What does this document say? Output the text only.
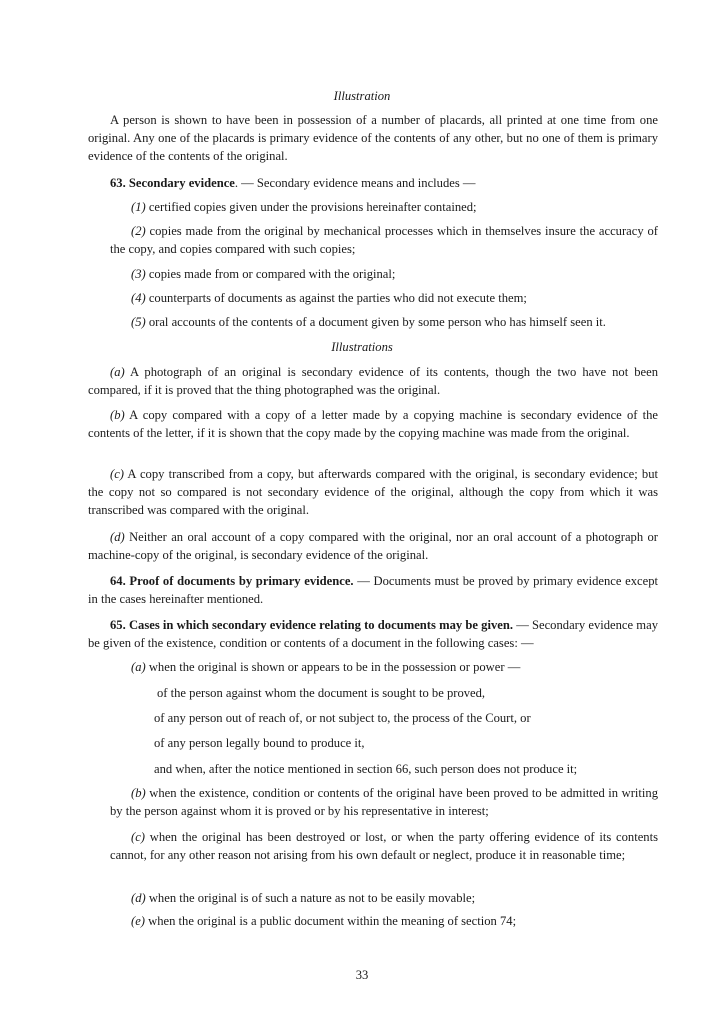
Illustration
A person is shown to have been in possession of a number of placards, all printed at one time from one original. Any one of the placards is primary evidence of the contents of any other, but no one of them is primary evidence of the contents of the original.
63. Secondary evidence. — Secondary evidence means and includes —
(1) certified copies given under the provisions hereinafter contained;
(2) copies made from the original by mechanical processes which in themselves insure the accuracy of the copy, and copies compared with such copies;
(3) copies made from or compared with the original;
(4) counterparts of documents as against the parties who did not execute them;
(5) oral accounts of the contents of a document given by some person who has himself seen it.
Illustrations
(a) A photograph of an original is secondary evidence of its contents, though the two have not been compared, if it is proved that the thing photographed was the original.
(b) A copy compared with a copy of a letter made by a copying machine is secondary evidence of the contents of the letter, if it is shown that the copy made by the copying machine was made from the original.
(c) A copy transcribed from a copy, but afterwards compared with the original, is secondary evidence; but the copy not so compared is not secondary evidence of the original, although the copy from which it was transcribed was compared with the original.
(d) Neither an oral account of a copy compared with the original, nor an oral account of a photograph or machine-copy of the original, is secondary evidence of the original.
64. Proof of documents by primary evidence. — Documents must be proved by primary evidence except in the cases hereinafter mentioned.
65. Cases in which secondary evidence relating to documents may be given. — Secondary evidence may be given of the existence, condition or contents of a document in the following cases: —
(a) when the original is shown or appears to be in the possession or power —
of the person against whom the document is sought to be proved,
of any person out of reach of, or not subject to, the process of the Court, or
of any person legally bound to produce it,
and when, after the notice mentioned in section 66, such person does not produce it;
(b) when the existence, condition or contents of the original have been proved to be admitted in writing by the person against whom it is proved or by his representative in interest;
(c) when the original has been destroyed or lost, or when the party offering evidence of its contents cannot, for any other reason not arising from his own default or neglect, produce it in reasonable time;
(d) when the original is of such a nature as not to be easily movable;
(e) when the original is a public document within the meaning of section 74;
33
